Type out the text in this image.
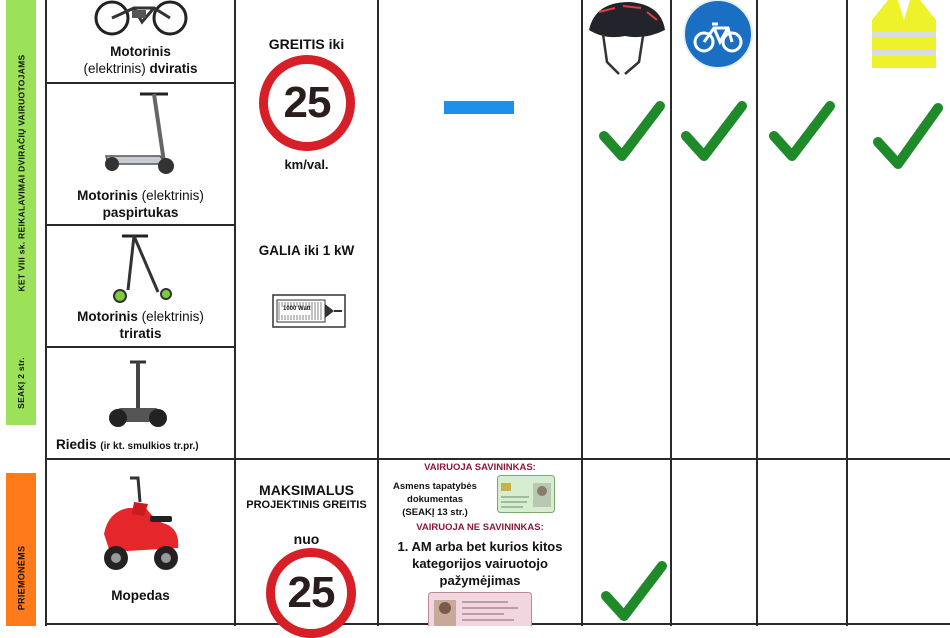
KET VIII sk. REIKALAVIMAI DVIRAČIŲ VAIRUOTOJAMS
SEAKĮ 2 str.
PRIEMONĖMS
Motorinis
(elektrinis) dviratis
Motorinis (elektrinis)
paspirtukas
Motorinis (elektrinis)
triratis
Riedis (ir kt. smulkios tr.pr.)
Mopedas
GREITIS iki
25
km/val.
GALIA iki 1 kW
1000 Watt
MAKSIMALUS
PROJEKTINIS GREITIS
nuo
25
VAIRUOJA SAVININKAS:
Asmens tapatybės
dokumentas
(SEAKĮ 13 str.)
VAIRUOJA NE SAVININKAS:
1. AM arba bet kurios kitos
kategorijos vairuotojo
pažymėjimas
